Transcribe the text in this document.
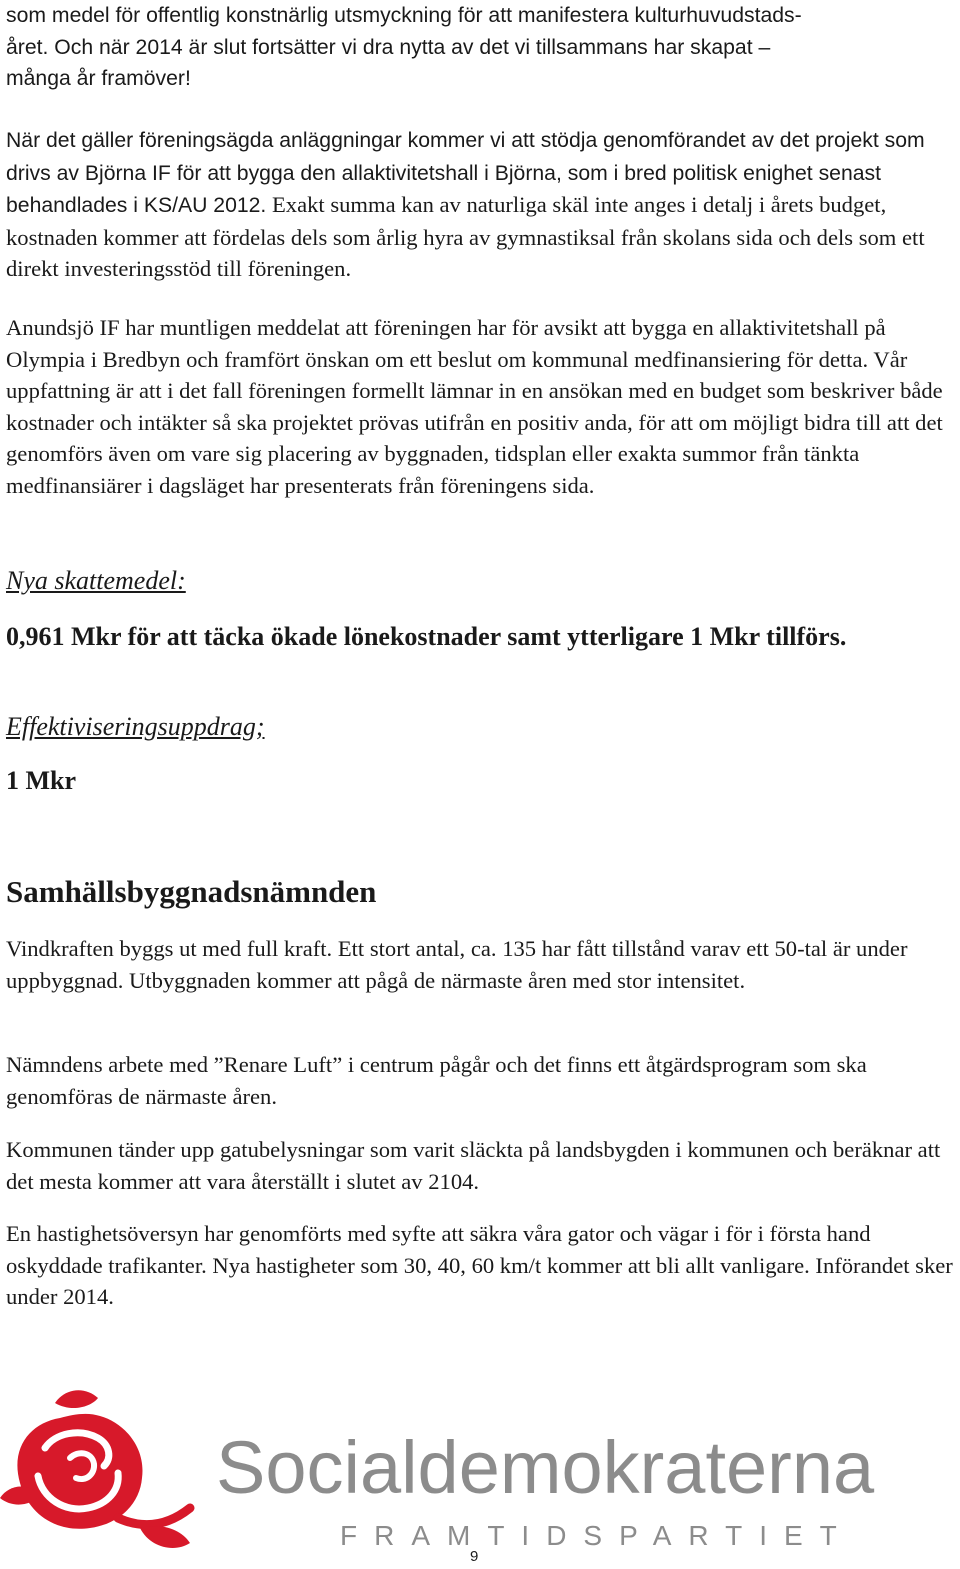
som medel för offentlig konstnärlig utsmyckning för att manifestera kulturhuvudstads-
året. Och när 2014 är slut fortsätter vi dra nytta av det vi tillsammans har skapat –
många år framöver!

När det gäller föreningsägda anläggningar kommer vi att stödja genomförandet av det projekt som drivs av Björna IF för att bygga den allaktivitetshall i Björna, som i bred politisk enighet senast behandlades i KS/AU 2012. Exakt summa kan av naturliga skäl inte anges i detalj i årets budget, kostnaden kommer att fördelas dels som årlig hyra av gymnastiksal från skolans sida och dels som ett direkt investeringsstöd till föreningen.

Anundsjö IF har muntligen meddelat att föreningen har för avsikt att bygga en allaktivitetshall på Olympia i Bredbyn och framfört önskan om ett beslut om kommunal medfinansiering för detta. Vår uppfattning är att i det fall föreningen formellt lämnar in en ansökan med en budget som beskriver både kostnader och intäkter så ska projektet prövas utifrån en positiv anda, för att om möjligt bidra till att det genomförs även om vare sig placering av byggnaden, tidsplan eller exakta summor från tänkta medfinansiärer i dagsläget har presenterats från föreningens sida.

Nya skattemedel:

0,961 Mkr för att täcka ökade lönekostnader samt ytterligare 1 Mkr tillförs.

Effektiviseringsuppdrag;

1 Mkr

Samhällsbyggnadsnämnden

Vindkraften byggs ut med full kraft. Ett stort antal, ca. 135 har fått tillstånd varav ett 50-tal är under uppbyggnad. Utbyggnaden kommer att pågå de närmaste åren med stor intensitet.

Nämndens arbete med ”Renare Luft” i centrum pågår och det finns ett åtgärdsprogram som ska genomföras de närmaste åren.

Kommunen tänder upp gatubelysningar som varit släckta på landsbygden i kommunen och beräknar att det mesta kommer att vara återställt i slutet av 2104.

En hastighetsöversyn har genomförts med syfte att säkra våra gator och vägar i för i första hand oskyddade trafikanter. Nya hastigheter som 30, 40, 60 km/t kommer att bli allt vanligare. Införandet sker under 2014.

Socialdemokraterna
FRAMTIDSPARTIET
9
